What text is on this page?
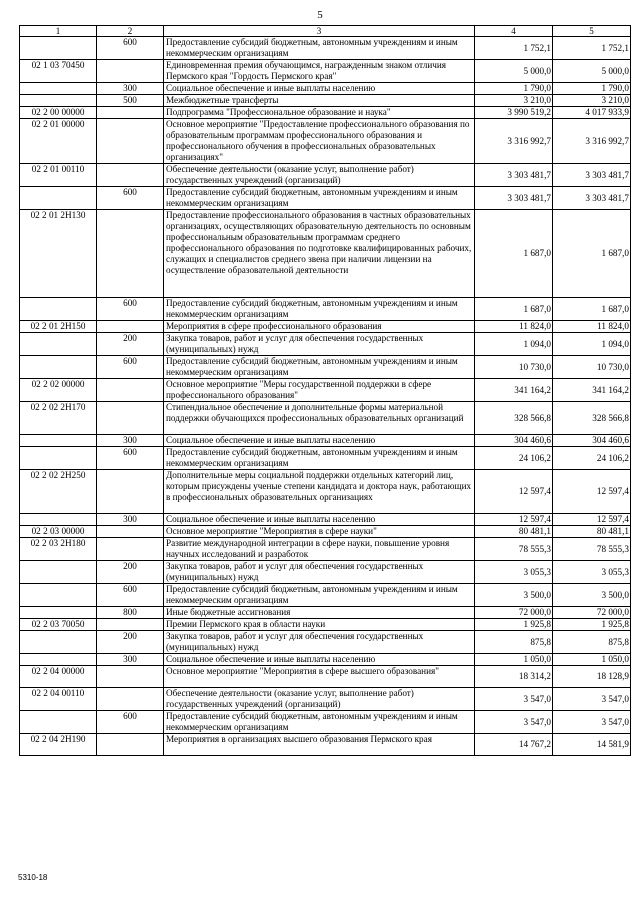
5
1	2	3	4	5
	600	Предоставление субсидий бюджетным, автономным учреждениям и иным некоммерческим организациям	1 752,1	1 752,1
02 1 03 70450		Единовременная премия обучающимся, награжденным знаком отличия Пермского края "Гордость Пермского края"	5 000,0	5 000,0
	300	Социальное обеспечение и иные выплаты населению	1 790,0	1 790,0
	500	Межбюджетные трансферты	3 210,0	3 210,0
02 2 00 00000		Подпрограмма "Профессиональное образование и наука"	3 990 519,2	4 017 933,9
02 2 01 00000		Основное мероприятие "Предоставление профессионального образования по образовательным программам профессионального образования и профессионального обучения в профессиональных образовательных организациях"	3 316 992,7	3 316 992,7
02 2 01 00110		Обеспечение деятельности (оказание услуг, выполнение работ) государственных учреждений (организаций)	3 303 481,7	3 303 481,7
	600	Предоставление субсидий бюджетным, автономным учреждениям и иным некоммерческим организациям	3 303 481,7	3 303 481,7
02 2 01 2Н130		Предоставление профессионального образования в частных образовательных организациях, осуществляющих образовательную деятельность по основным профессиональным образовательным программам среднего профессионального образования по подготовке квалифицированных рабочих, служащих и специалистов среднего звена при наличии лицензии на осуществление образовательной деятельности	1 687,0	1 687,0
	600	Предоставление субсидий бюджетным, автономным учреждениям и иным некоммерческим организациям	1 687,0	1 687,0
02 2 01 2Н150		Мероприятия в сфере профессионального образования	11 824,0	11 824,0
	200	Закупка товаров, работ и услуг для обеспечения государственных (муниципальных) нужд	1 094,0	1 094,0
	600	Предоставление субсидий бюджетным, автономным учреждениям и иным некоммерческим организациям	10 730,0	10 730,0
02 2 02 00000		Основное мероприятие "Меры государственной поддержки в сфере профессионального образования"	341 164,2	341 164,2
02 2 02 2Н170		Стипендиальное обеспечение и дополнительные формы материальной поддержки обучающихся профессиональных образовательных организаций	328 566,8	328 566,8
	300	Социальное обеспечение и иные выплаты населению	304 460,6	304 460,6
	600	Предоставление субсидий бюджетным, автономным учреждениям и иным некоммерческим организациям	24 106,2	24 106,2
02 2 02 2Н250		Дополнительные меры социальной поддержки отдельных категорий лиц, которым присуждены ученые степени кандидата и доктора наук, работающих в профессиональных образовательных организациях	12 597,4	12 597,4
	300	Социальное обеспечение и иные выплаты населению	12 597,4	12 597,4
02 2 03 00000		Основное мероприятие "Мероприятия в сфере науки"	80 481,1	80 481,1
02 2 03 2Н180		Развитие международной интеграции в сфере науки, повышение уровня научных исследований и разработок	78 555,3	78 555,3
	200	Закупка товаров, работ и услуг для обеспечения государственных (муниципальных) нужд	3 055,3	3 055,3
	600	Предоставление субсидий бюджетным, автономным учреждениям и иным некоммерческим организациям	3 500,0	3 500,0
	800	Иные бюджетные ассигнования	72 000,0	72 000,0
02 2 03 70050		Премии Пермского края в области науки	1 925,8	1 925,8
	200	Закупка товаров, работ и услуг для обеспечения государственных (муниципальных) нужд	875,8	875,8
	300	Социальное обеспечение и иные выплаты населению	1 050,0	1 050,0
02 2 04 00000		Основное мероприятие "Мероприятия в сфере высшего образования"	18 314,2	18 128,9
02 2 04 00110		Обеспечение деятельности (оказание услуг, выполнение работ) государственных учреждений (организаций)	3 547,0	3 547,0
	600	Предоставление субсидий бюджетным, автономным учреждениям и иным некоммерческим организациям	3 547,0	3 547,0
02 2 04 2Н190		Мероприятия в организациях высшего образования Пермского края	14 767,2	14 581,9
5310-18
